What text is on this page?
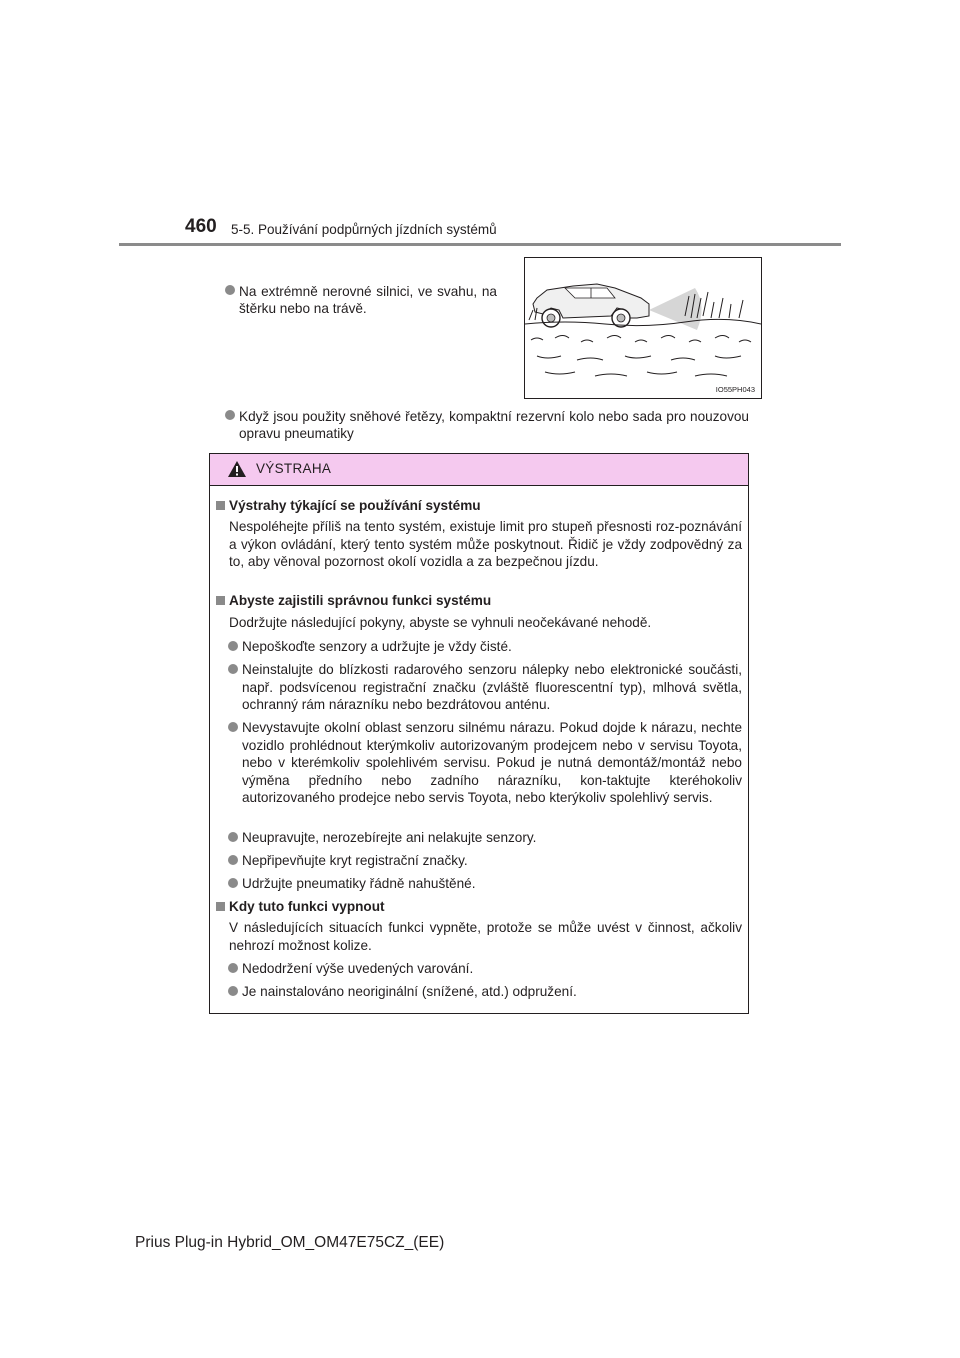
460 5-5. Používání podpůrných jízdních systémů
Na extrémně nerovné silnici, ve svahu, na štěrku nebo na trávě.
IO55PH043
Když jsou použity sněhové řetězy, kompaktní rezervní kolo nebo sada pro nouzovou opravu pneumatiky
VÝSTRAHA
Výstrahy týkající se používání systému
Nespoléhejte příliš na tento systém, existuje limit pro stupeň přesnosti roz-poznávání a výkon ovládání, který tento systém může poskytnout. Řidič je vždy zodpovědný za to, aby věnoval pozornost okolí vozidla a za bezpečnou jízdu.
Abyste zajistili správnou funkci systému
Dodržujte následující pokyny, abyste se vyhnuli neočekávané nehodě.
Nepoškoďte senzory a udržujte je vždy čisté.
Neinstalujte do blízkosti radarového senzoru nálepky nebo elektronické součásti, např. podsvícenou registrační značku (zvláště fluorescentní typ), mlhová světla, ochranný rám nárazníku nebo bezdrátovou anténu.
Nevystavujte okolní oblast senzoru silnému nárazu. Pokud dojde k nárazu, nechte vozidlo prohlédnout kterýmkoliv autorizovaným prodejcem nebo v servisu Toyota, nebo v kterémkoliv spolehlivém servisu. Pokud je nutná demontáž/montáž nebo výměna předního nebo zadního nárazníku, kon-taktujte kteréhokoliv autorizovaného prodejce nebo servis Toyota, nebo kterýkoliv spolehlivý servis.
Neupravujte, nerozebírejte ani nelakujte senzory.
Nepřipevňujte kryt registrační značky.
Udržujte pneumatiky řádně nahuštěné.
Kdy tuto funkci vypnout
V následujících situacích funkci vypněte, protože se může uvést v činnost, ačkoliv nehrozí možnost kolize.
Nedodržení výše uvedených varování.
Je nainstalováno neoriginální (snížené, atd.) odpružení.
Prius Plug-in Hybrid_OM_OM47E75CZ_(EE)
